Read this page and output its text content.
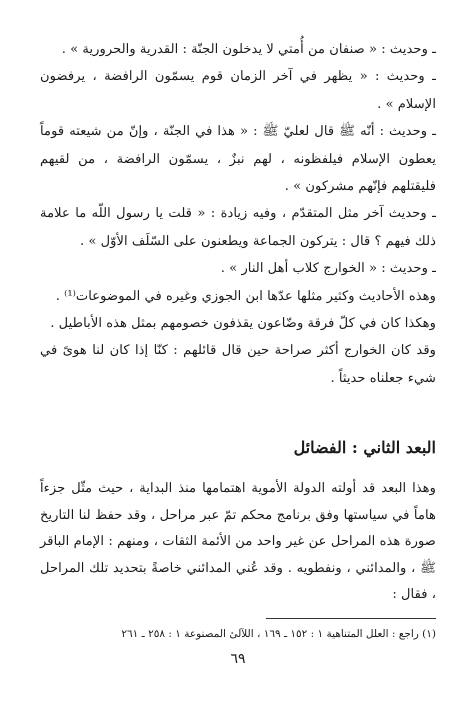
ـ وحديث : « صنفان من أُمتي لا يدخلون الجنّة : القدرية والحرورية » .

ـ وحديث : « يظهر في آخر الزمان قوم يسمّون الرافضة ، يرفضون الإسلام » .

ـ وحديث : أنّه ﷺ قال لعليّ ﷺ : « هذا في الجنّة ، وإنّ من شيعته قوماً يعطون الإسلام فيلفظونه ، لهم نبزٌ ، يسمّون الرافضة ، من لقيهم فليقتلهم فإنّهم مشركون » .

ـ وحديث آخر مثل المتقدّم ، وفيه زيادة : « قلت يا رسول اللّه ما علامة ذلك فيهم ؟ قال : يتركون الجماعة ويطعنون على السّلَف الأوّل » .

ـ وحديث : « الخوارج كلاب أهل النار » .

وهذه الأحاديث وكثير مثلها عدّها ابن الجوزي وغيره في الموضوعات⁽¹⁾ .

وهكذا كان في كلّ فرقة وضّاعون يقذفون خصومهم بمثل هذه الأباطيل .

وقد كان الخوارج أكثر صراحة حين قال قائلهم : كنّا إذا كان لنا هوىً في شيء جعلناه حديثاً .

البعد الثاني : الفضائل

وهذا البعد قد أولته الدولة الأموية اهتمامها منذ البداية ، حيث مثّل جزءاً هاماً في سياستها وفق برنامج محكم تمّ عبر مراحل ، وقد حفظ لنا التاريخ صورة هذه المراحل عن غير واحد من الأئمة الثقات ، ومنهم : الإمام الباقر ﷺ ، والمدائني ، ونفطويه . وقد عُني المدائني خاصةً بتحديد تلك المراحل ، فقال :

(١) راجع : العلل المتناهية ١ : ١٥٢ ـ ١٦٩ ، اللآلئ المصنوعة ١ : ٢٥٨ ـ ٢٦١

٦٩
